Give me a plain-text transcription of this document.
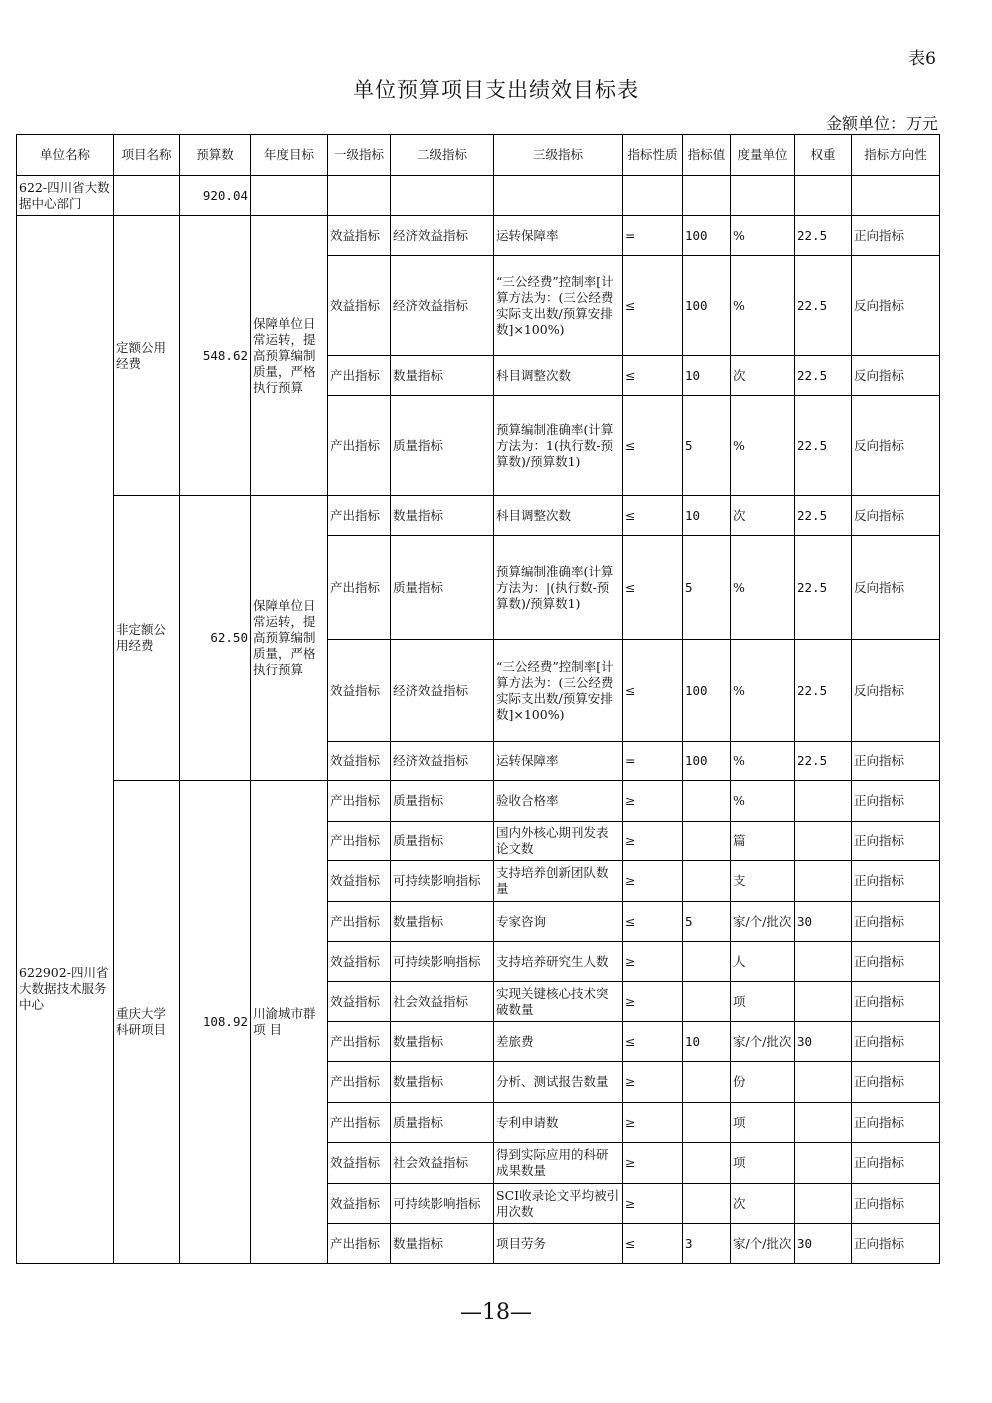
表6
单位预算项目支出绩效目标表
金额单位：万元
单位名称	项目名称	预算数	年度目标	一级指标	二级指标	三级指标	指标性质	指标值	度量单位	权重	指标方向性
622-四川省大数据中心部门		920.04									
622902-四川省大数据技术服务中心	定额公用经费	548.62	保障单位日常运转，提高预算编制质量，严格执行预算	效益指标	经济效益指标	运转保障率	=	100	%	22.5	正向指标
				效益指标	经济效益指标	“三公经费”控制率[计算方法为：(三公经费实际支出数/预算安排数]×100%)	≤	100	%	22.5	反向指标
				产出指标	数量指标	科目调整次数	≤	10	次	22.5	反向指标
				产出指标	质量指标	预算编制准确率(计算方法为：1(执行数-预算数)/预算数1)	≤	5	%	22.5	反向指标
	非定额公用经费	62.50	保障单位日常运转，提高预算编制质量，严格执行预算	产出指标	数量指标	科目调整次数	≤	10	次	22.5	反向指标
				产出指标	质量指标	预算编制准确率(计算方法为：|(执行数-预算数)/预算数1)	≤	5	%	22.5	反向指标
				效益指标	经济效益指标	“三公经费”控制率[计算方法为：(三公经费实际支出数/预算安排数]×100%)	≤	100	%	22.5	反向指标
				效益指标	经济效益指标	运转保障率	=	100	%	22.5	正向指标
	重庆大学科研项目	108.92	川渝城市群项 目	产出指标	质量指标	验收合格率	≥		%		正向指标
				产出指标	质量指标	国内外核心期刊发表论文数	≥		篇		正向指标
				效益指标	可持续影响指标	支持培养创新团队数量	≥		支		正向指标
				产出指标	数量指标	专家咨询	≤	5	家/个/批次	30	正向指标
				效益指标	可持续影响指标	支持培养研究生人数	≥		人		正向指标
				效益指标	社会效益指标	实现关键核心技术突破数量	≥		项		正向指标
				产出指标	数量指标	差旅费	≤	10	家/个/批次	30	正向指标
				产出指标	数量指标	分析、测试报告数量	≥		份		正向指标
				产出指标	质量指标	专利申请数	≥		项		正向指标
				效益指标	社会效益指标	得到实际应用的科研成果数量	≥		项		正向指标
				效益指标	可持续影响指标	SCI收录论文平均被引用次数	≥		次		正向指标
				产出指标	数量指标	项目劳务	≤	3	家/个/批次	30	正向指标
—18—
